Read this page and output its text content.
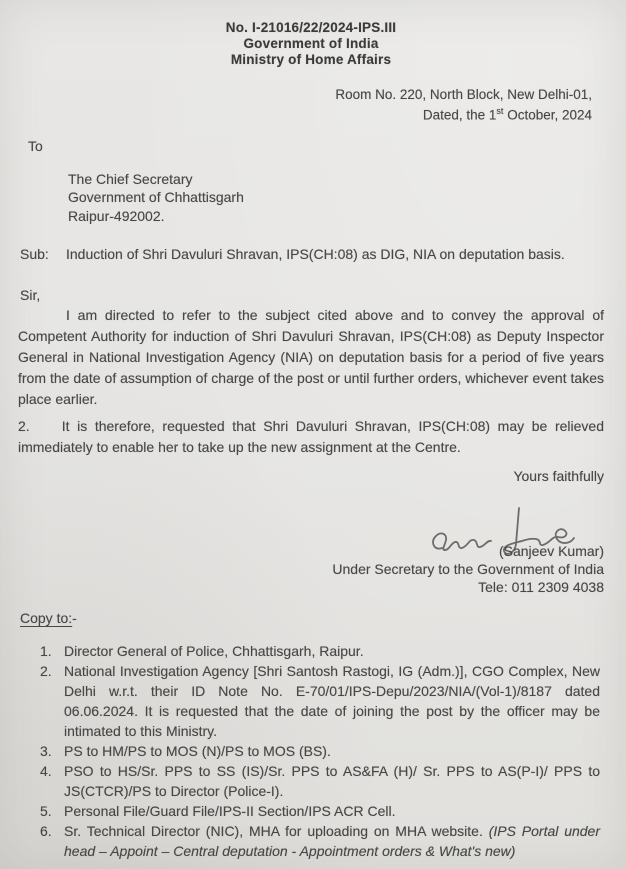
No. I-21016/22/2024-IPS.III
Government of India
Ministry of Home Affairs
Room No. 220, North Block, New Delhi-01,
Dated, the 1st October, 2024
To
The Chief Secretary
Government of Chhattisgarh
Raipur-492002.
Sub:	Induction of Shri Davuluri Shravan, IPS(CH:08) as DIG, NIA on deputation basis.
Sir,

I am directed to refer to the subject cited above and to convey the approval of Competent Authority for induction of Shri Davuluri Shravan, IPS(CH:08) as Deputy Inspector General in National Investigation Agency (NIA) on deputation basis for a period of five years from the date of assumption of charge of the post or until further orders, whichever event takes place earlier.

2. It is therefore, requested that Shri Davuluri Shravan, IPS(CH:08) may be relieved immediately to enable her to take up the new assignment at the Centre.

Yours faithfully
(Sanjeev Kumar)
Under Secretary to the Government of India
Tele: 011 2309 4038
Copy to:-
1. Director General of Police, Chhattisgarh, Raipur.
2. National Investigation Agency [Shri Santosh Rastogi, IG (Adm.)], CGO Complex, New Delhi w.r.t. their ID Note No. E-70/01/IPS-Depu/2023/NIA/(Vol-1)/8187 dated 06.06.2024. It is requested that the date of joining the post by the officer may be intimated to this Ministry.
3. PS to HM/PS to MOS (N)/PS to MOS (BS).
4. PSO to HS/Sr. PPS to SS (IS)/Sr. PPS to AS&FA (H)/ Sr. PPS to AS(P-I)/ PPS to JS(CTCR)/PS to Director (Police-I).
5. Personal File/Guard File/IPS-II Section/IPS ACR Cell.
6. Sr. Technical Director (NIC), MHA for uploading on MHA website. (IPS Portal under head – Appoint – Central deputation - Appointment orders & What's new)
